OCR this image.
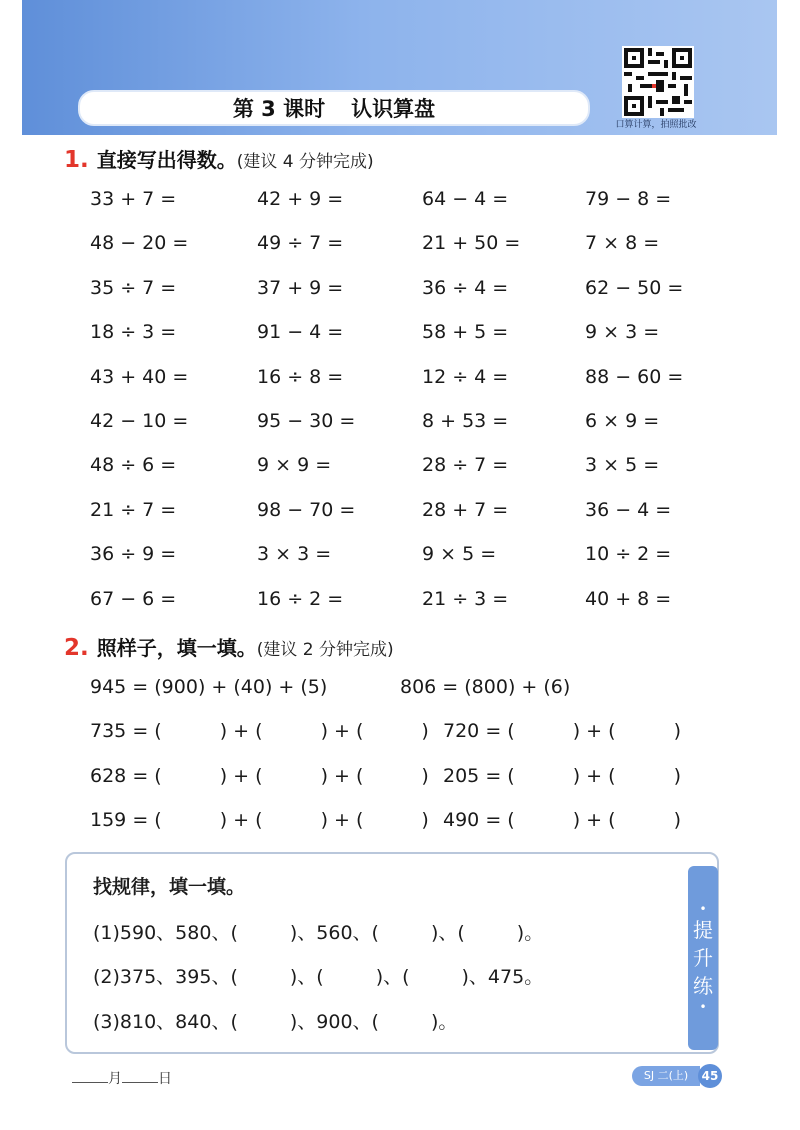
第 3 课时 认识算盘
口算计算，拍照批改
1. 直接写出得数。(建议 4 分钟完成)
33 + 7 =	42 + 9 =	64 − 4 =	79 − 8 =
48 − 20 =	49 ÷ 7 =	21 + 50 =	7 × 8 =
35 ÷ 7 =	37 + 9 =	36 ÷ 4 =	62 − 50 =
18 ÷ 3 =	91 − 4 =	58 + 5 =	9 × 3 =
43 + 40 =	16 ÷ 8 =	12 ÷ 4 =	88 − 60 =
42 − 10 =	95 − 30 =	8 + 53 =	6 × 9 =
48 ÷ 6 =	9 × 9 =	28 ÷ 7 =	3 × 5 =
21 ÷ 7 =	98 − 70 =	28 + 7 =	36 − 4 =
36 ÷ 9 =	3 × 3 =	9 × 5 =	10 ÷ 2 =
67 − 6 =	16 ÷ 2 =	21 ÷ 3 =	40 + 8 =
2. 照样子，填一填。(建议 2 分钟完成)
945 = (900) + (40) + (5)	806 = (800) + (6)
735 = (	) + (	) + (	) 720 = (	) + (	)
628 = (	) + (	) + (	) 205 = (	) + (	)
159 = (	) + (	) + (	) 490 = (	) + (	)
找规律，填一填。
(1)590、580、(	)、560、(	)、(	)。
(2)375、395、(	)、(	)、(	)、475。
(3)810、840、(	)、900、(	)。
•
提
升
练
•
月	日	SJ 二(上)	45
